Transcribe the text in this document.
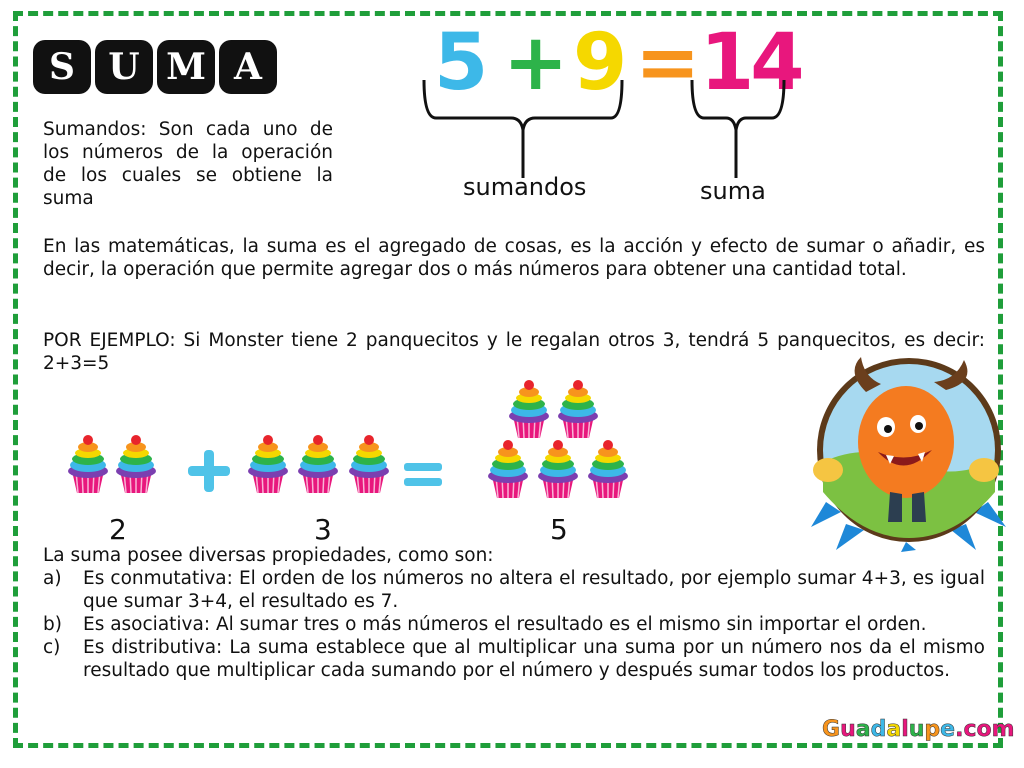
S U M A 5 + 9 = 14
sumandos	suma
Sumandos: Son cada uno de los números de la operación de los cuales se obtiene la suma
En las matemáticas, la suma es el agregado de cosas, es la acción y efecto de sumar o añadir, es decir, la operación que permite agregar dos o más números para obtener una cantidad total.
POR EJEMPLO: Si Monster tiene 2 panquecitos y le regalan otros 3, tendrá 5 panquecitos, es decir: 2+3=5
2	3	5
La suma posee diversas propiedades, como son:
a)	Es conmutativa: El orden de los números no altera el resultado, por ejemplo sumar 4+3, es igual que sumar 3+4, el resultado es 7.
b)	Es asociativa: Al sumar tres o más números el resultado es el mismo sin importar el orden.
c)	Es distributiva: La suma establece que al multiplicar una suma por un número nos da el mismo resultado que multiplicar cada sumando por el número y después sumar todos los productos.
Guadalupe.com
